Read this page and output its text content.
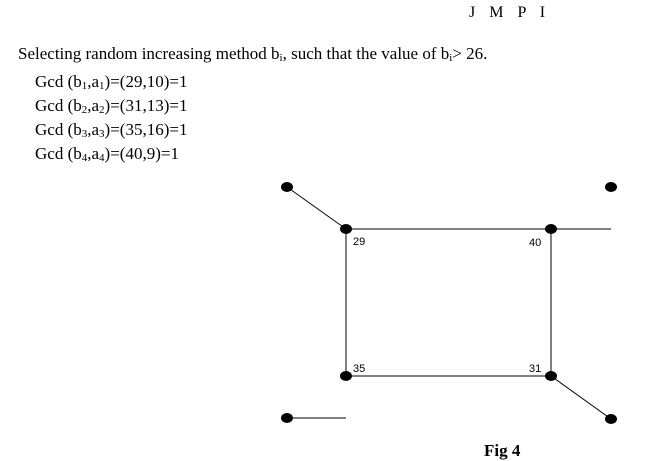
J M P I
Selecting random increasing method $b_i$, such that the value of $b_i> 26$.
Gcd $(b_1,a_1)=(29,10)=1$
Gcd $(b_2,a_2)=(31,13)=1$
Gcd $(b_3,a_3)=(35,16)=1$
Gcd $(b_4,a_4)=(40,9)=1$
29	40
35	31
Fig 4
